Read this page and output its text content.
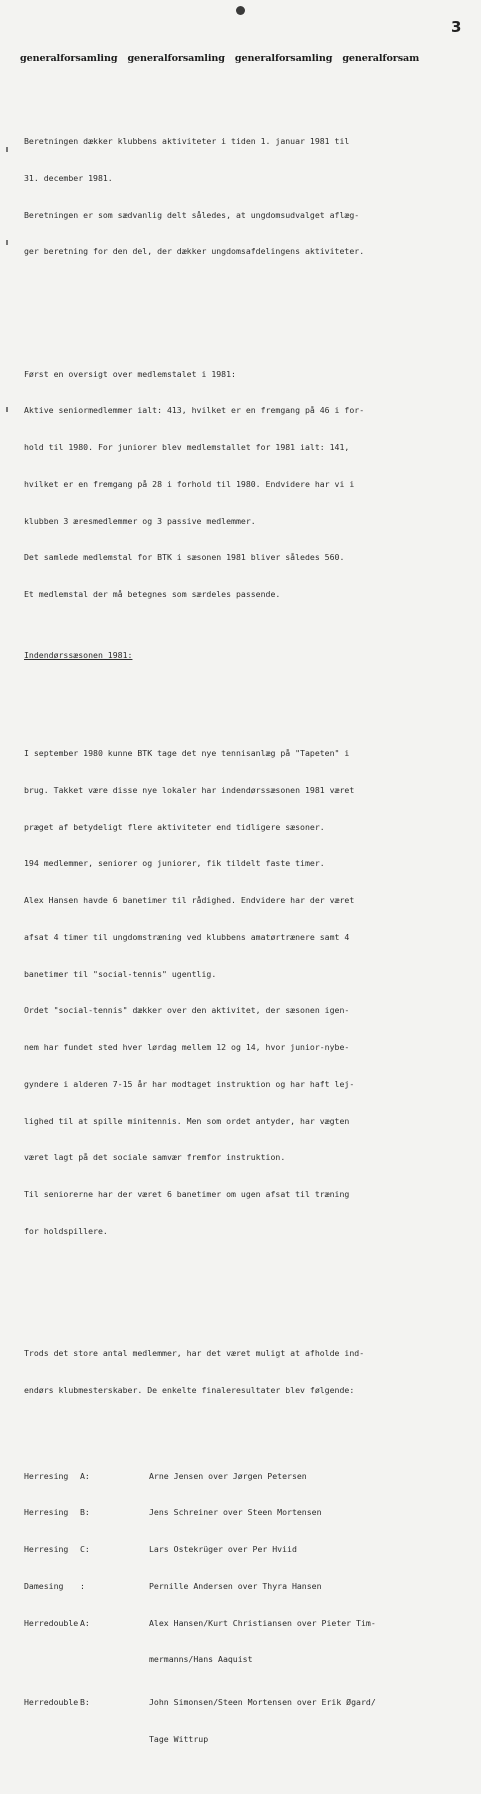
3
generalforsamling generalforsamling generalforsamling generalforsam

Beretningen dækker klubbens aktiviteter i tiden 1. januar 1981 til

31. december 1981.

Beretningen er som sædvanlig delt således, at ungdomsudvalget aflæg-

ger beretning for den del, der dækker ungdomsafdelingens aktiviteter.

Først en oversigt over medlemstalet i 1981:

Aktive seniormedlemmer ialt: 413, hvilket er en fremgang på 46 i for-

hold til 1980. For juniorer blev medlemstallet for 1981 ialt: 141,

hvilket er en fremgang på 28 i forhold til 1980. Endvidere har vi i

klubben 3 æresmedlemmer og 3 passive medlemmer.

Det samlede medlemstal for BTK i sæsonen 1981 bliver således 560.

Et medlemstal der må betegnes som særdeles passende.

Indendørssæsonen 1981:

I september 1980 kunne BTK tage det nye tennisanlæg på "Tapeten" i

brug. Takket være disse nye lokaler har indendørssæsonen 1981 været

præget af betydeligt flere aktiviteter end tidligere sæsoner.

194 medlemmer, seniorer og juniorer, fik tildelt faste timer.

Alex Hansen havde 6 banetimer til rådighed. Endvidere har der været

afsat 4 timer til ungdomstræning ved klubbens amatørtrænere samt 4

banetimer til "social-tennis" ugentlig.

Ordet "social-tennis" dækker over den aktivitet, der sæsonen igen-

nem har fundet sted hver lørdag mellem 12 og 14, hvor junior-nybe-

gyndere i alderen 7-15 år har modtaget instruktion og har haft lej-

lighed til at spille minitennis. Men som ordet antyder, har vægten

været lagt på det sociale samvær fremfor instruktion.

Til seniorerne har der været 6 banetimer om ugen afsat til træning

for holdspillere.

Trods det store antal medlemmer, har det været muligt at afholde ind-

endørs klubmesterskaber. De enkelte finaleresultater blev følgende:

Herresing A:	Arne Jensen over Jørgen Petersen

Herresing B:	Jens Schreiner over Steen Mortensen

Herresing C:	Lars Ostekrüger over Per Hviid

Damesing :	Pernille Andersen over Thyra Hansen

Herredouble A:	Alex Hansen/Kurt Christiansen over Pieter Tim-

mermanns/Hans Aaquist

Herredouble B:	John Simonsen/Steen Mortensen over Erik Øgard/

Tage Wittrup
